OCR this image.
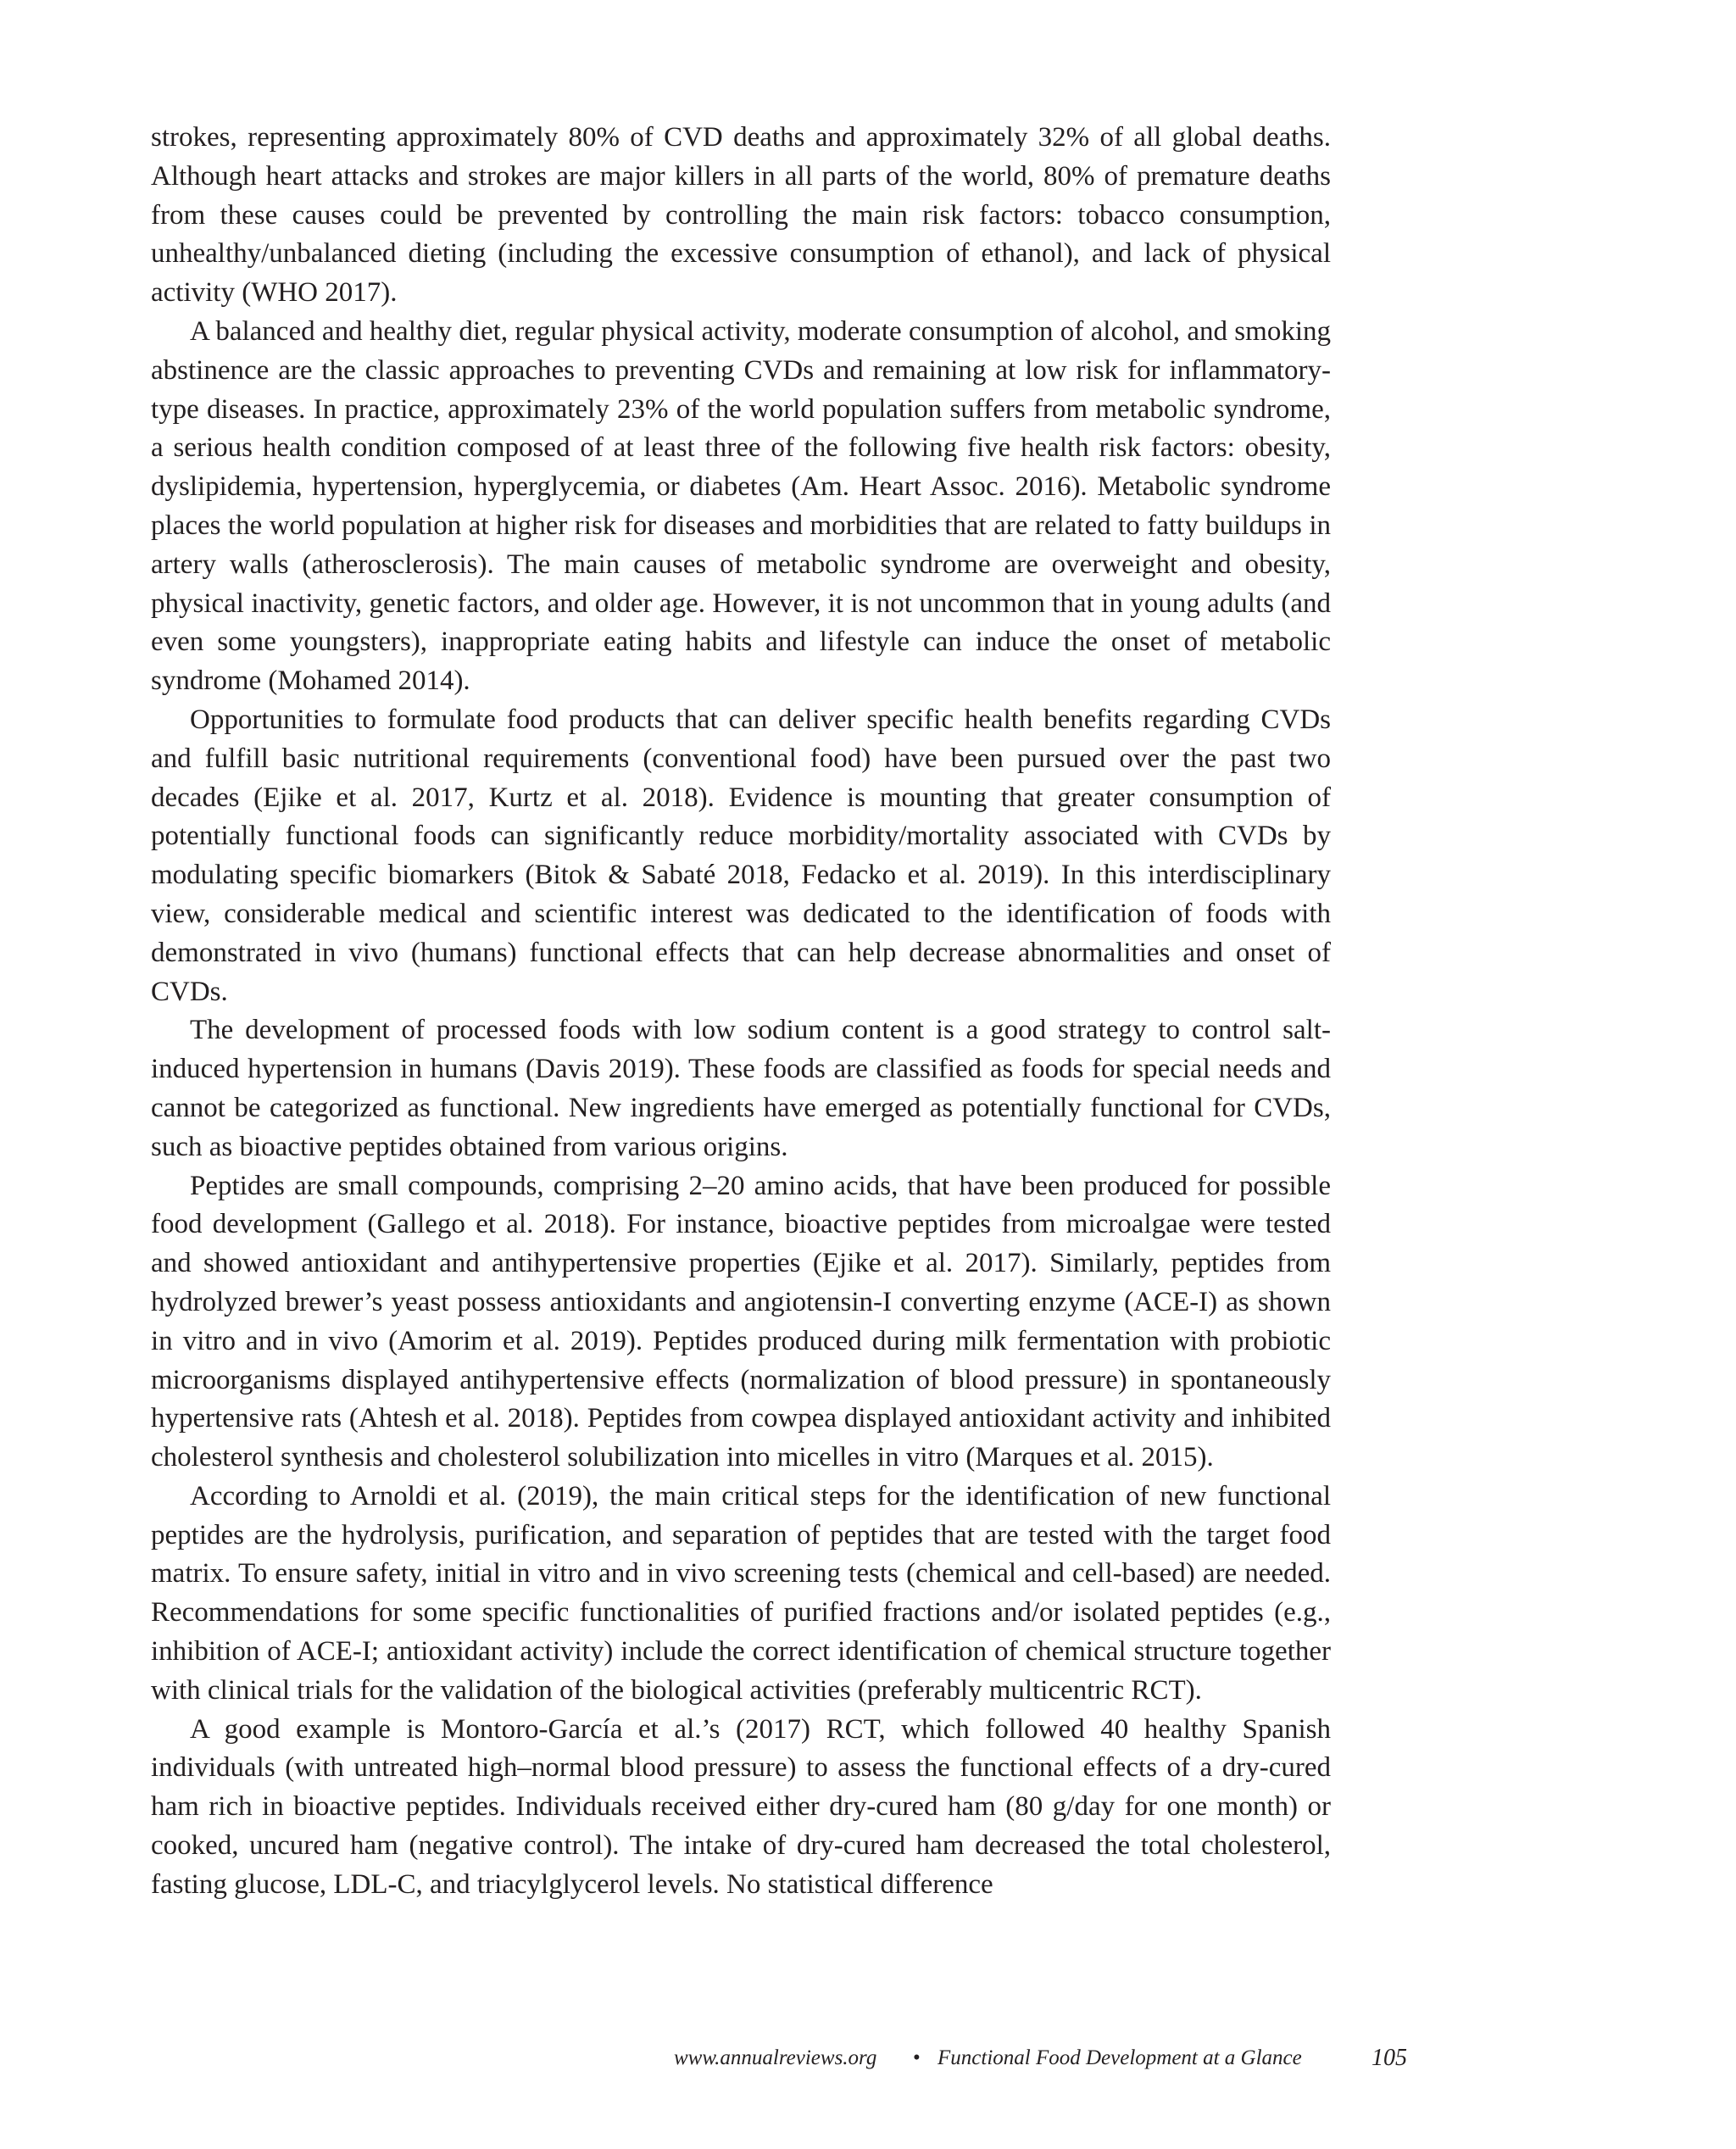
strokes, representing approximately 80% of CVD deaths and approximately 32% of all global deaths. Although heart attacks and strokes are major killers in all parts of the world, 80% of premature deaths from these causes could be prevented by controlling the main risk factors: tobacco consumption, unhealthy/unbalanced dieting (including the excessive consumption of ethanol), and lack of physical activity (WHO 2017).

A balanced and healthy diet, regular physical activity, moderate consumption of alcohol, and smoking abstinence are the classic approaches to preventing CVDs and remaining at low risk for inflammatory-type diseases. In practice, approximately 23% of the world population suffers from metabolic syndrome, a serious health condition composed of at least three of the following five health risk factors: obesity, dyslipidemia, hypertension, hyperglycemia, or diabetes (Am. Heart Assoc. 2016). Metabolic syndrome places the world population at higher risk for diseases and morbidities that are related to fatty buildups in artery walls (atherosclerosis). The main causes of metabolic syndrome are overweight and obesity, physical inactivity, genetic factors, and older age. However, it is not uncommon that in young adults (and even some youngsters), inappropriate eating habits and lifestyle can induce the onset of metabolic syndrome (Mohamed 2014).

Opportunities to formulate food products that can deliver specific health benefits regarding CVDs and fulfill basic nutritional requirements (conventional food) have been pursued over the past two decades (Ejike et al. 2017, Kurtz et al. 2018). Evidence is mounting that greater consumption of potentially functional foods can significantly reduce morbidity/mortality associated with CVDs by modulating specific biomarkers (Bitok & Sabaté 2018, Fedacko et al. 2019). In this interdisciplinary view, considerable medical and scientific interest was dedicated to the identification of foods with demonstrated in vivo (humans) functional effects that can help decrease abnormalities and onset of CVDs.

The development of processed foods with low sodium content is a good strategy to control salt-induced hypertension in humans (Davis 2019). These foods are classified as foods for special needs and cannot be categorized as functional. New ingredients have emerged as potentially functional for CVDs, such as bioactive peptides obtained from various origins.

Peptides are small compounds, comprising 2–20 amino acids, that have been produced for possible food development (Gallego et al. 2018). For instance, bioactive peptides from microalgae were tested and showed antioxidant and antihypertensive properties (Ejike et al. 2017). Similarly, peptides from hydrolyzed brewer’s yeast possess antioxidants and angiotensin-I converting enzyme (ACE-I) as shown in vitro and in vivo (Amorim et al. 2019). Peptides produced during milk fermentation with probiotic microorganisms displayed antihypertensive effects (normalization of blood pressure) in spontaneously hypertensive rats (Ahtesh et al. 2018). Peptides from cowpea displayed antioxidant activity and inhibited cholesterol synthesis and cholesterol solubilization into micelles in vitro (Marques et al. 2015).

According to Arnoldi et al. (2019), the main critical steps for the identification of new functional peptides are the hydrolysis, purification, and separation of peptides that are tested with the target food matrix. To ensure safety, initial in vitro and in vivo screening tests (chemical and cell-based) are needed. Recommendations for some specific functionalities of purified fractions and/or isolated peptides (e.g., inhibition of ACE-I; antioxidant activity) include the correct identification of chemical structure together with clinical trials for the validation of the biological activities (preferably multicentric RCT).

A good example is Montoro-García et al.’s (2017) RCT, which followed 40 healthy Spanish individuals (with untreated high–normal blood pressure) to assess the functional effects of a dry-cured ham rich in bioactive peptides. Individuals received either dry-cured ham (80 g/day for one month) or cooked, uncured ham (negative control). The intake of dry-cured ham decreased the total cholesterol, fasting glucose, LDL-C, and triacylglycerol levels. No statistical difference

www.annualreviews.org • Functional Food Development at a Glance	105
